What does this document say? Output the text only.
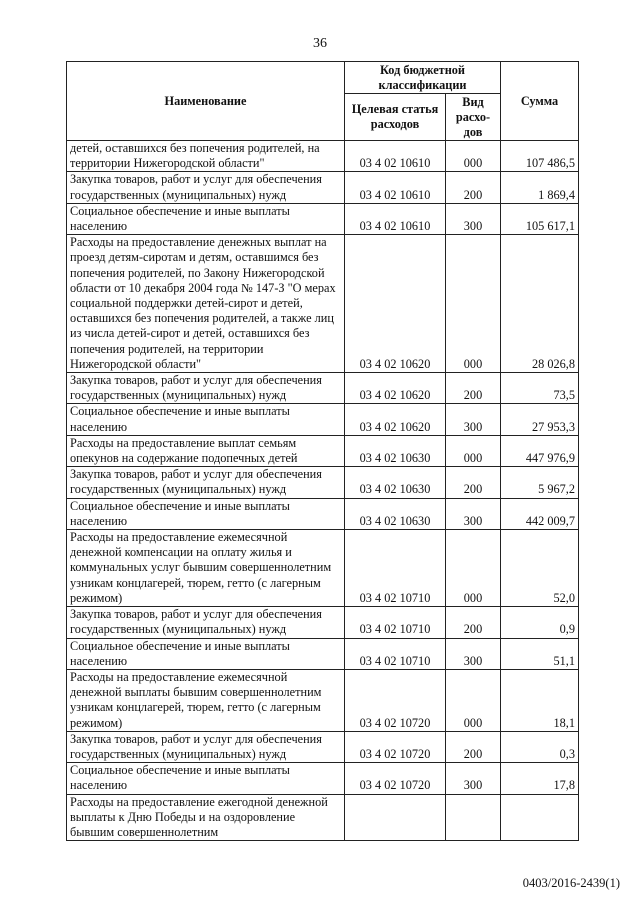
36
Наименование	Код бюджетной классификации		Сумма
	Целевая статья расходов	Вид расхо-дов	
детей, оставшихся без попечения родителей, на территории Нижегородской области"	03 4 02 10610	000	107 486,5
Закупка товаров, работ и услуг для обеспечения государственных (муниципальных) нужд	03 4 02 10610	200	1 869,4
Социальное обеспечение и иные выплаты населению	03 4 02 10610	300	105 617,1
Расходы на предоставление денежных выплат на проезд детям-сиротам и детям, оставшимся без попечения родителей, по Закону Нижегородской области от 10 декабря 2004 года № 147-З "О мерах социальной поддержки детей-сирот и детей, оставшихся без попечения родителей, а также лиц из числа детей-сирот и детей, оставшихся без попечения родителей, на территории Нижегородской области"	03 4 02 10620	000	28 026,8
Закупка товаров, работ и услуг для обеспечения государственных (муниципальных) нужд	03 4 02 10620	200	73,5
Социальное обеспечение и иные выплаты населению	03 4 02 10620	300	27 953,3
Расходы на предоставление выплат семьям опекунов на содержание подопечных детей	03 4 02 10630	000	447 976,9
Закупка товаров, работ и услуг для обеспечения государственных (муниципальных) нужд	03 4 02 10630	200	5 967,2
Социальное обеспечение и иные выплаты населению	03 4 02 10630	300	442 009,7
Расходы на предоставление ежемесячной денежной компенсации на оплату жилья и коммунальных услуг бывшим совершеннолетним узникам концлагерей, тюрем, гетто (с лагерным режимом)	03 4 02 10710	000	52,0
Закупка товаров, работ и услуг для обеспечения государственных (муниципальных) нужд	03 4 02 10710	200	0,9
Социальное обеспечение и иные выплаты населению	03 4 02 10710	300	51,1
Расходы на предоставление ежемесячной денежной выплаты бывшим совершеннолетним узникам концлагерей, тюрем, гетто (с лагерным режимом)	03 4 02 10720	000	18,1
Закупка товаров, работ и услуг для обеспечения государственных (муниципальных) нужд	03 4 02 10720	200	0,3
Социальное обеспечение и иные выплаты населению	03 4 02 10720	300	17,8
Расходы на предоставление ежегодной денежной выплаты к Дню Победы и на оздоровление бывшим совершеннолетним			
0403/2016-2439(1)
